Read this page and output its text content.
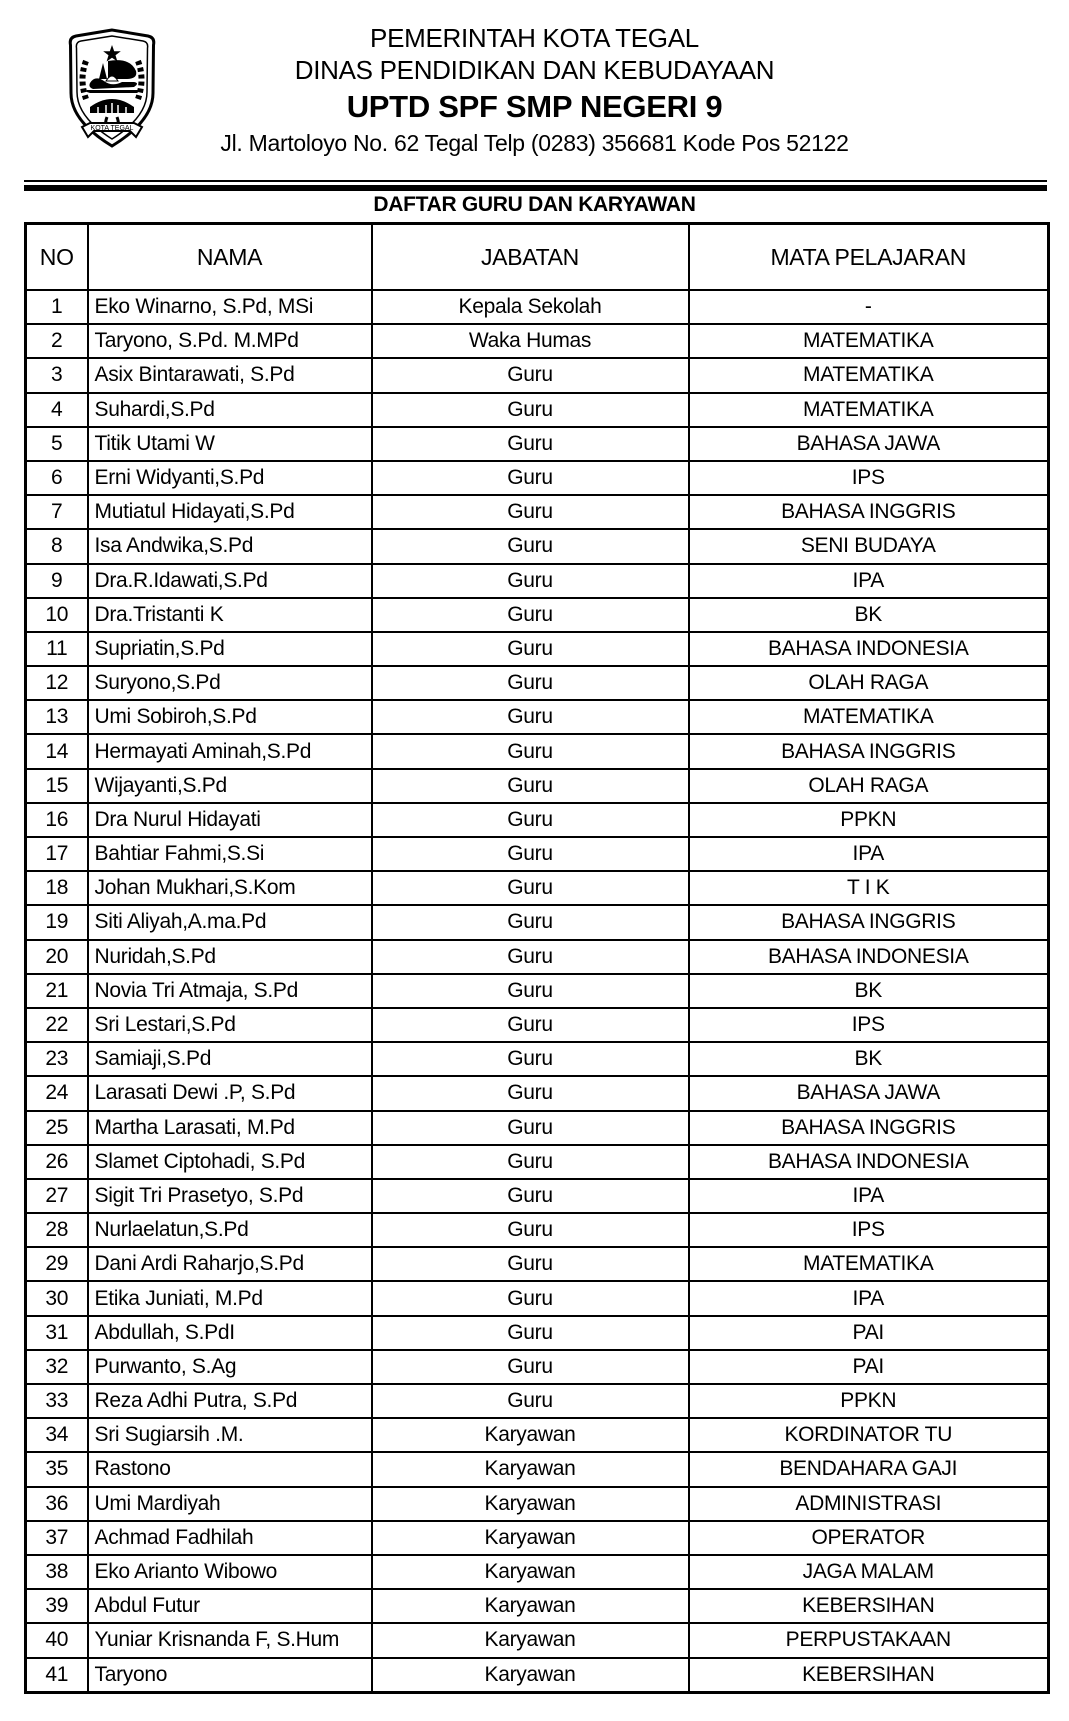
KOTA TEGAL
PEMERINTAH KOTA TEGAL
DINAS PENDIDIKAN DAN KEBUDAYAAN
UPTD SPF SMP NEGERI 9
Jl. Martoloyo No. 62 Tegal Telp (0283) 356681 Kode Pos 52122
DAFTAR GURU DAN KARYAWAN
NO	NAMA	JABATAN	MATA PELAJARAN
1	Eko Winarno, S.Pd, MSi	Kepala Sekolah	-
2	Taryono, S.Pd. M.MPd	Waka Humas	MATEMATIKA
3	Asix Bintarawati, S.Pd	Guru	MATEMATIKA
4	Suhardi,S.Pd	Guru	MATEMATIKA
5	Titik Utami W	Guru	BAHASA JAWA
6	Erni Widyanti,S.Pd	Guru	IPS
7	Mutiatul Hidayati,S.Pd	Guru	BAHASA INGGRIS
8	Isa Andwika,S.Pd	Guru	SENI BUDAYA
9	Dra.R.Idawati,S.Pd	Guru	IPA
10	Dra.Tristanti K	Guru	BK
11	Supriatin,S.Pd	Guru	BAHASA INDONESIA
12	Suryono,S.Pd	Guru	OLAH RAGA
13	Umi Sobiroh,S.Pd	Guru	MATEMATIKA
14	Hermayati Aminah,S.Pd	Guru	BAHASA INGGRIS
15	Wijayanti,S.Pd	Guru	OLAH RAGA
16	Dra Nurul Hidayati	Guru	PPKN
17	Bahtiar Fahmi,S.Si	Guru	IPA
18	Johan Mukhari,S.Kom	Guru	T I K
19	Siti Aliyah,A.ma.Pd	Guru	BAHASA INGGRIS
20	Nuridah,S.Pd	Guru	BAHASA INDONESIA
21	Novia Tri Atmaja, S.Pd	Guru	BK
22	Sri Lestari,S.Pd	Guru	IPS
23	Samiaji,S.Pd	Guru	BK
24	Larasati Dewi .P, S.Pd	Guru	BAHASA JAWA
25	Martha Larasati, M.Pd	Guru	BAHASA INGGRIS
26	Slamet Ciptohadi, S.Pd	Guru	BAHASA INDONESIA
27	Sigit Tri Prasetyo, S.Pd	Guru	IPA
28	Nurlaelatun,S.Pd	Guru	IPS
29	Dani Ardi Raharjo,S.Pd	Guru	MATEMATIKA
30	Etika Juniati, M.Pd	Guru	IPA
31	Abdullah, S.PdI	Guru	PAI
32	Purwanto, S.Ag	Guru	PAI
33	Reza Adhi Putra, S.Pd	Guru	PPKN
34	Sri Sugiarsih .M.	Karyawan	KORDINATOR TU
35	Rastono	Karyawan	BENDAHARA GAJI
36	Umi Mardiyah	Karyawan	ADMINISTRASI
37	Achmad Fadhilah	Karyawan	OPERATOR
38	Eko Arianto Wibowo	Karyawan	JAGA MALAM
39	Abdul Futur	Karyawan	KEBERSIHAN
40	Yuniar Krisnanda F, S.Hum	Karyawan	PERPUSTAKAAN
41	Taryono	Karyawan	KEBERSIHAN
